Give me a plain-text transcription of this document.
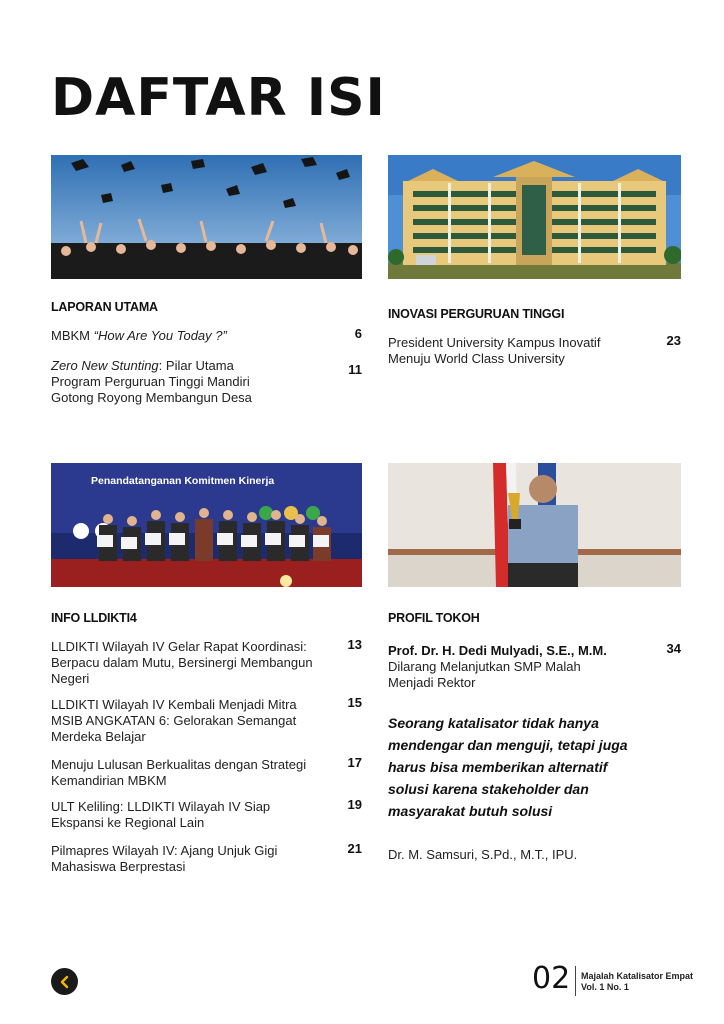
DAFTAR ISI
LAPORAN UTAMA
MBKM “How Are You Today ?”	6
Zero New Stunting: Pilar Utama Program Perguruan Tinggi Mandiri Gotong Royong Membangun Desa
11
INOVASI PERGURUAN TINGGI
President University Kampus Inovatif Menuju World Class University
23
Penandatanganan Komitmen Kinerja
INFO LLDIKTI4
LLDIKTI Wilayah IV Gelar Rapat Koordinasi: Berpacu dalam Mutu, Bersinergi Membangun Negeri
13
LLDIKTI Wilayah IV Kembali Menjadi Mitra MSIB ANGKATAN 6: Gelorakan Semangat Merdeka Belajar
15
Menuju Lulusan Berkualitas dengan Strategi Kemandirian MBKM
17
ULT Keliling: LLDIKTI Wilayah IV Siap Ekspansi ke Regional Lain
19
Pilmapres Wilayah IV: Ajang Unjuk Gigi Mahasiswa Berprestasi
21
PROFIL TOKOH
Prof. Dr. H. Dedi Mulyadi, S.E., M.M.
Dilarang Melanjutkan SMP Malah Menjadi Rektor
34
Seorang katalisator tidak hanya mendengar dan menguji, tetapi juga harus bisa memberikan alternatif solusi karena stakeholder dan masyarakat butuh solusi
Dr. M. Samsuri, S.Pd., M.T., IPU.
02 Majalah Katalisator Empat
Vol. 1 No. 1
